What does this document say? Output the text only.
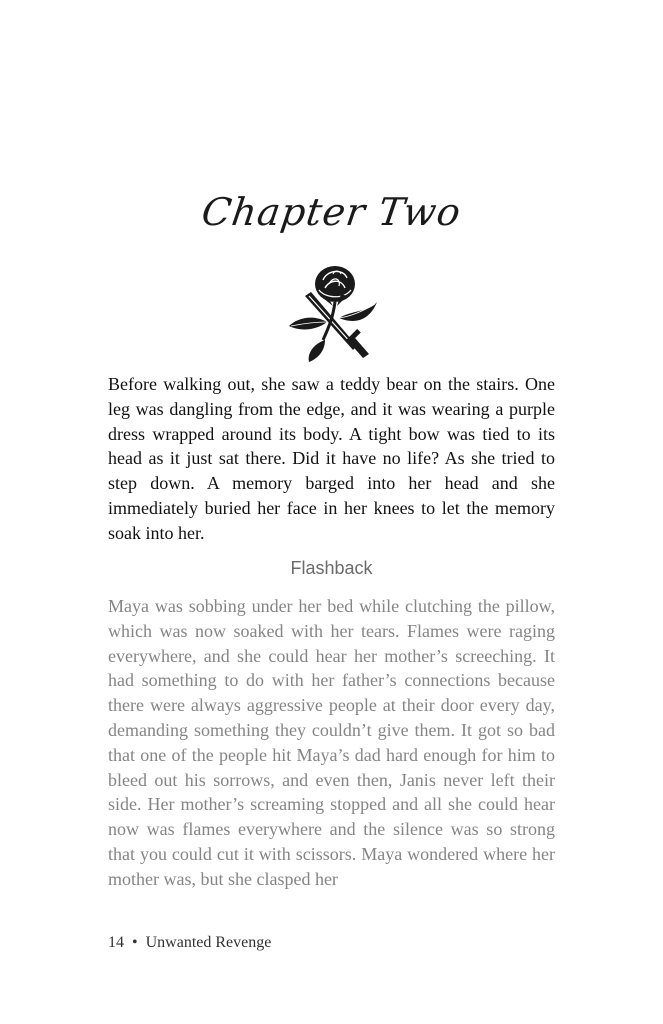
Chapter Two

Before walking out, she saw a teddy bear on the stairs. One leg was dangling from the edge, and it was wearing a purple dress wrapped around its body. A tight bow was tied to its head as it just sat there. Did it have no life? As she tried to step down. A memory barged into her head and she immediately buried her face in her knees to let the memory soak into her.

Flashback

Maya was sobbing under her bed while clutching the pillow, which was now soaked with her tears. Flames were raging everywhere, and she could hear her mother’s screeching. It had something to do with her father’s connections because there were always aggressive people at their door every day, demanding something they couldn’t give them. It got so bad that one of the people hit Maya’s dad hard enough for him to bleed out his sorrows, and even then, Janis never left their side. Her mother’s screaming stopped and all she could hear now was flames everywhere and the silence was so strong that you could cut it with scissors. Maya wondered where her mother was, but she clasped her

14 • Unwanted Revenge
